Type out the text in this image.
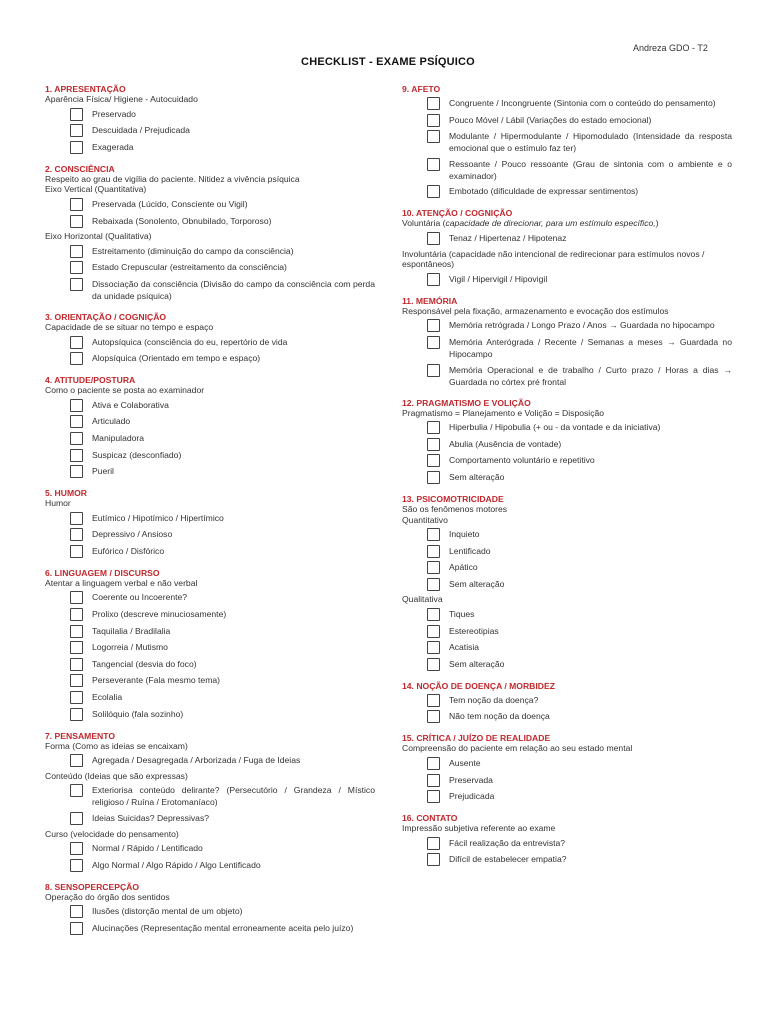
Andreza GDO - T2
CHECKLIST - EXAME PSÍQUICO
1. APRESENTAÇÃO
Aparência Física/ Higiene - Autocuidado
Preservado
Descuidada / Prejudicada
Exagerada
2. CONSCIÊNCIA
Respeito ao grau de vigília do paciente. Nitidez a vivência psíquica
Eixo Vertical (Quantitativa)
Preservada (Lúcido, Consciente ou Vigil)
Rebaixada (Sonolento, Obnubilado, Torporoso)
Eixo Horizontal (Qualitativa)
Estreitamento (diminuição do campo da consciência)
Estado Crepuscular (estreitamento da consciência)
Dissociação da consciência (Divisão do campo da consciência com perda da unidade psíquica)
3. ORIENTAÇÃO / COGNIÇÃO
Capacidade de se situar no tempo e espaço
Autopsíquica (consciência do eu, repertório de vida
Alopsíquica (Orientado em tempo e espaço)
4. ATITUDE/POSTURA
Como o paciente se posta ao examinador
Ativa e Colaborativa
Articulado
Manipuladora
Suspicaz (desconfiado)
Pueril
5. HUMOR
Humor
Eutímico / Hipotímico / Hipertímico
Depressivo / Ansioso
Eufórico / Disfórico
6. LINGUAGEM / DISCURSO
Atentar a linguagem verbal e não verbal
Coerente ou Incoerente?
Prolixo (descreve minuciosamente)
Taquilalia / Bradilalia
Logorreia / Mutismo
Tangencial (desvia do foco)
Perseverante (Fala mesmo tema)
Ecolalia
Solilóquio (fala sozinho)
7. PENSAMENTO
Forma (Como as ideias se encaixam)
Agregada / Desagregada / Arborizada / Fuga de Ideias
Conteúdo (Ideias que são expressas)
Exteriorisa conteúdo delirante? (Persecutório / Grandeza / Místico religioso / Ruína / Erotomaníaco)
Ideias Suicidas? Depressivas?
Curso (velocidade do pensamento)
Normal / Rápido / Lentificado
Algo Normal / Algo Rápido / Algo Lentificado
8. SENSOPERCEPÇÃO
Operação do órgão dos sentidos
Ilusões (distorção mental de um objeto)
Alucinações (Representação mental erroneamente aceita pelo juízo)
9. AFETO
Congruente / Incongruente (Sintonia com o conteúdo do pensamento)
Pouco Móvel / Lábil (Variações do estado emocional)
Modulante / Hipermodulante / Hipomodulado (Intensidade da resposta emocional que o estímulo faz ter)
Ressoante / Pouco ressoante (Grau de sintonia com o ambiente e o examinador)
Embotado (dificuldade de expressar sentimentos)
10. ATENÇÃO / COGNIÇÃO
Voluntária (capacidade de direcionar, para um estímulo específico,)
Tenaz / Hipertenaz / Hipotenaz
Involuntária (capacidade não intencional de redirecionar para estímulos novos / espontâneos)
Vigil / Hipervigil / Hipovigil
11. MEMÓRIA
Responsável pela fixação, armazenamento e evocação dos estímulos
Memória retrógrada / Longo Prazo / Anos → Guardada no hipocampo
Memória Anterógrada / Recente / Semanas a meses → Guardada no Hipocampo
Memória Operacional e de trabalho / Curto prazo / Horas a dias → Guardada no córtex pré frontal
12. PRAGMATISMO E VOLIÇÃO
Pragmatismo = Planejamento e Volição = Disposição
Hiperbulia / Hipobulia (+ ou - da vontade e da iniciativa)
Abulia (Ausência de vontade)
Comportamento voluntário e repetitivo
Sem alteração
13. PSICOMOTRICIDADE
São os fenômenos motores
Quantitativo
Inquieto
Lentificado
Apático
Sem alteração
Qualitativa
Tiques
Estereotipias
Acatisia
Sem alteração
14. NOÇÃO DE DOENÇA / MORBIDEZ
Tem noção da doença?
Não tem noção da doença
15. CRÍTICA / JUÍZO DE REALIDADE
Compreensão do paciente em relação ao seu estado mental
Ausente
Preservada
Prejudicada
16. CONTATO
Impressão subjetiva referente ao exame
Fácil realização da entrevista?
Difícil de estabelecer empatia?
